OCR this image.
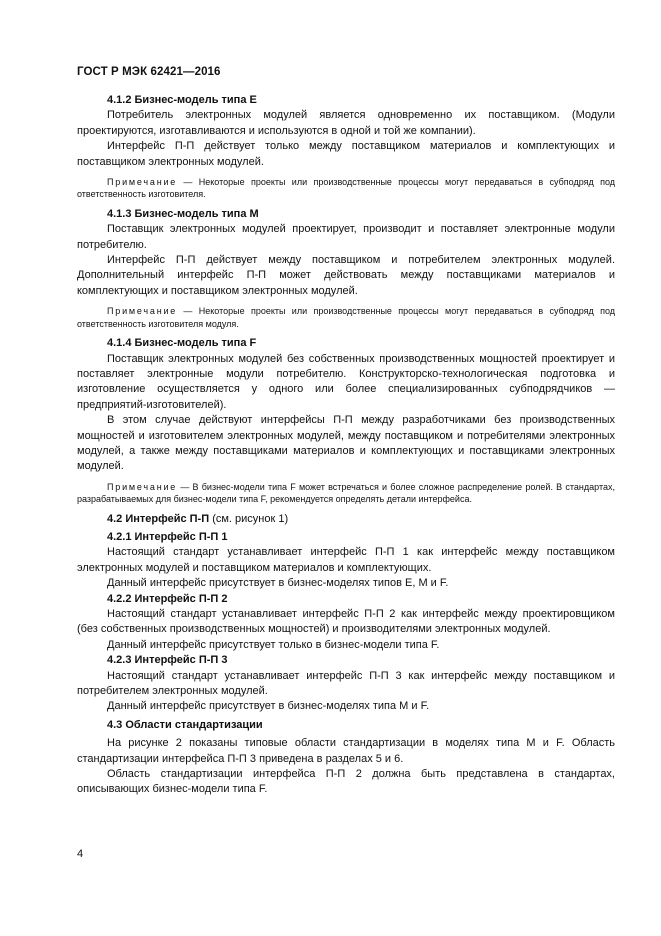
ГОСТ Р МЭК 62421—2016

4.1.2 Бизнес-модель типа Е

Потребитель электронных модулей является одновременно их поставщиком. (Модули проектируются, изготавливаются и используются в одной и той же компании).

Интерфейс П-П действует только между поставщиком материалов и комплектующих и поставщиком электронных модулей.

Примечание — Некоторые проекты или производственные процессы могут передаваться в субподряд под ответственность изготовителя.

4.1.3 Бизнес-модель типа М

Поставщик электронных модулей проектирует, производит и поставляет электронные модули потребителю.

Интерфейс П-П действует между поставщиком и потребителем электронных модулей. Дополнительный интерфейс П-П может действовать между поставщиками материалов и комплектующих и поставщиком электронных модулей.

Примечание — Некоторые проекты или производственные процессы могут передаваться в субподряд под ответственность изготовителя модуля.

4.1.4 Бизнес-модель типа F

Поставщик электронных модулей без собственных производственных мощностей проектирует и поставляет электронные модули потребителю. Конструкторско-технологическая подготовка и изготовление осуществляется у одного или более специализированных субподрядчиков — предприятий-изготовителей).

В этом случае действуют интерфейсы П-П между разработчиками без производственных мощностей и изготовителем электронных модулей, между поставщиком и потребителями электронных модулей, а также между поставщиками материалов и комплектующих и поставщиками электронных модулей.

Примечание — В бизнес-модели типа F может встречаться и более сложное распределение ролей. В стандартах, разрабатываемых для бизнес-модели типа F, рекомендуется определять детали интерфейса.

4.2 Интерфейс П-П (см. рисунок 1)

4.2.1 Интерфейс П-П 1

Настоящий стандарт устанавливает интерфейс П-П 1 как интерфейс между поставщиком электронных модулей и поставщиком материалов и комплектующих.

Данный интерфейс присутствует в бизнес-моделях типов Е, М и F.

4.2.2 Интерфейс П-П 2

Настоящий стандарт устанавливает интерфейс П-П 2 как интерфейс между проектировщиком (без собственных производственных мощностей) и производителями электронных модулей.

Данный интерфейс присутствует только в бизнес-модели типа F.

4.2.3 Интерфейс П-П 3

Настоящий стандарт устанавливает интерфейс П-П 3 как интерфейс между поставщиком и потребителем электронных модулей.

Данный интерфейс присутствует в бизнес-моделях типа М и F.

4.3 Области стандартизации

На рисунке 2 показаны типовые области стандартизации в моделях типа М и F. Область стандартизации интерфейса П-П 3 приведена в разделах 5 и 6.

Область стандартизации интерфейса П-П 2 должна быть представлена в стандартах, описывающих бизнес-модели типа F.

4
